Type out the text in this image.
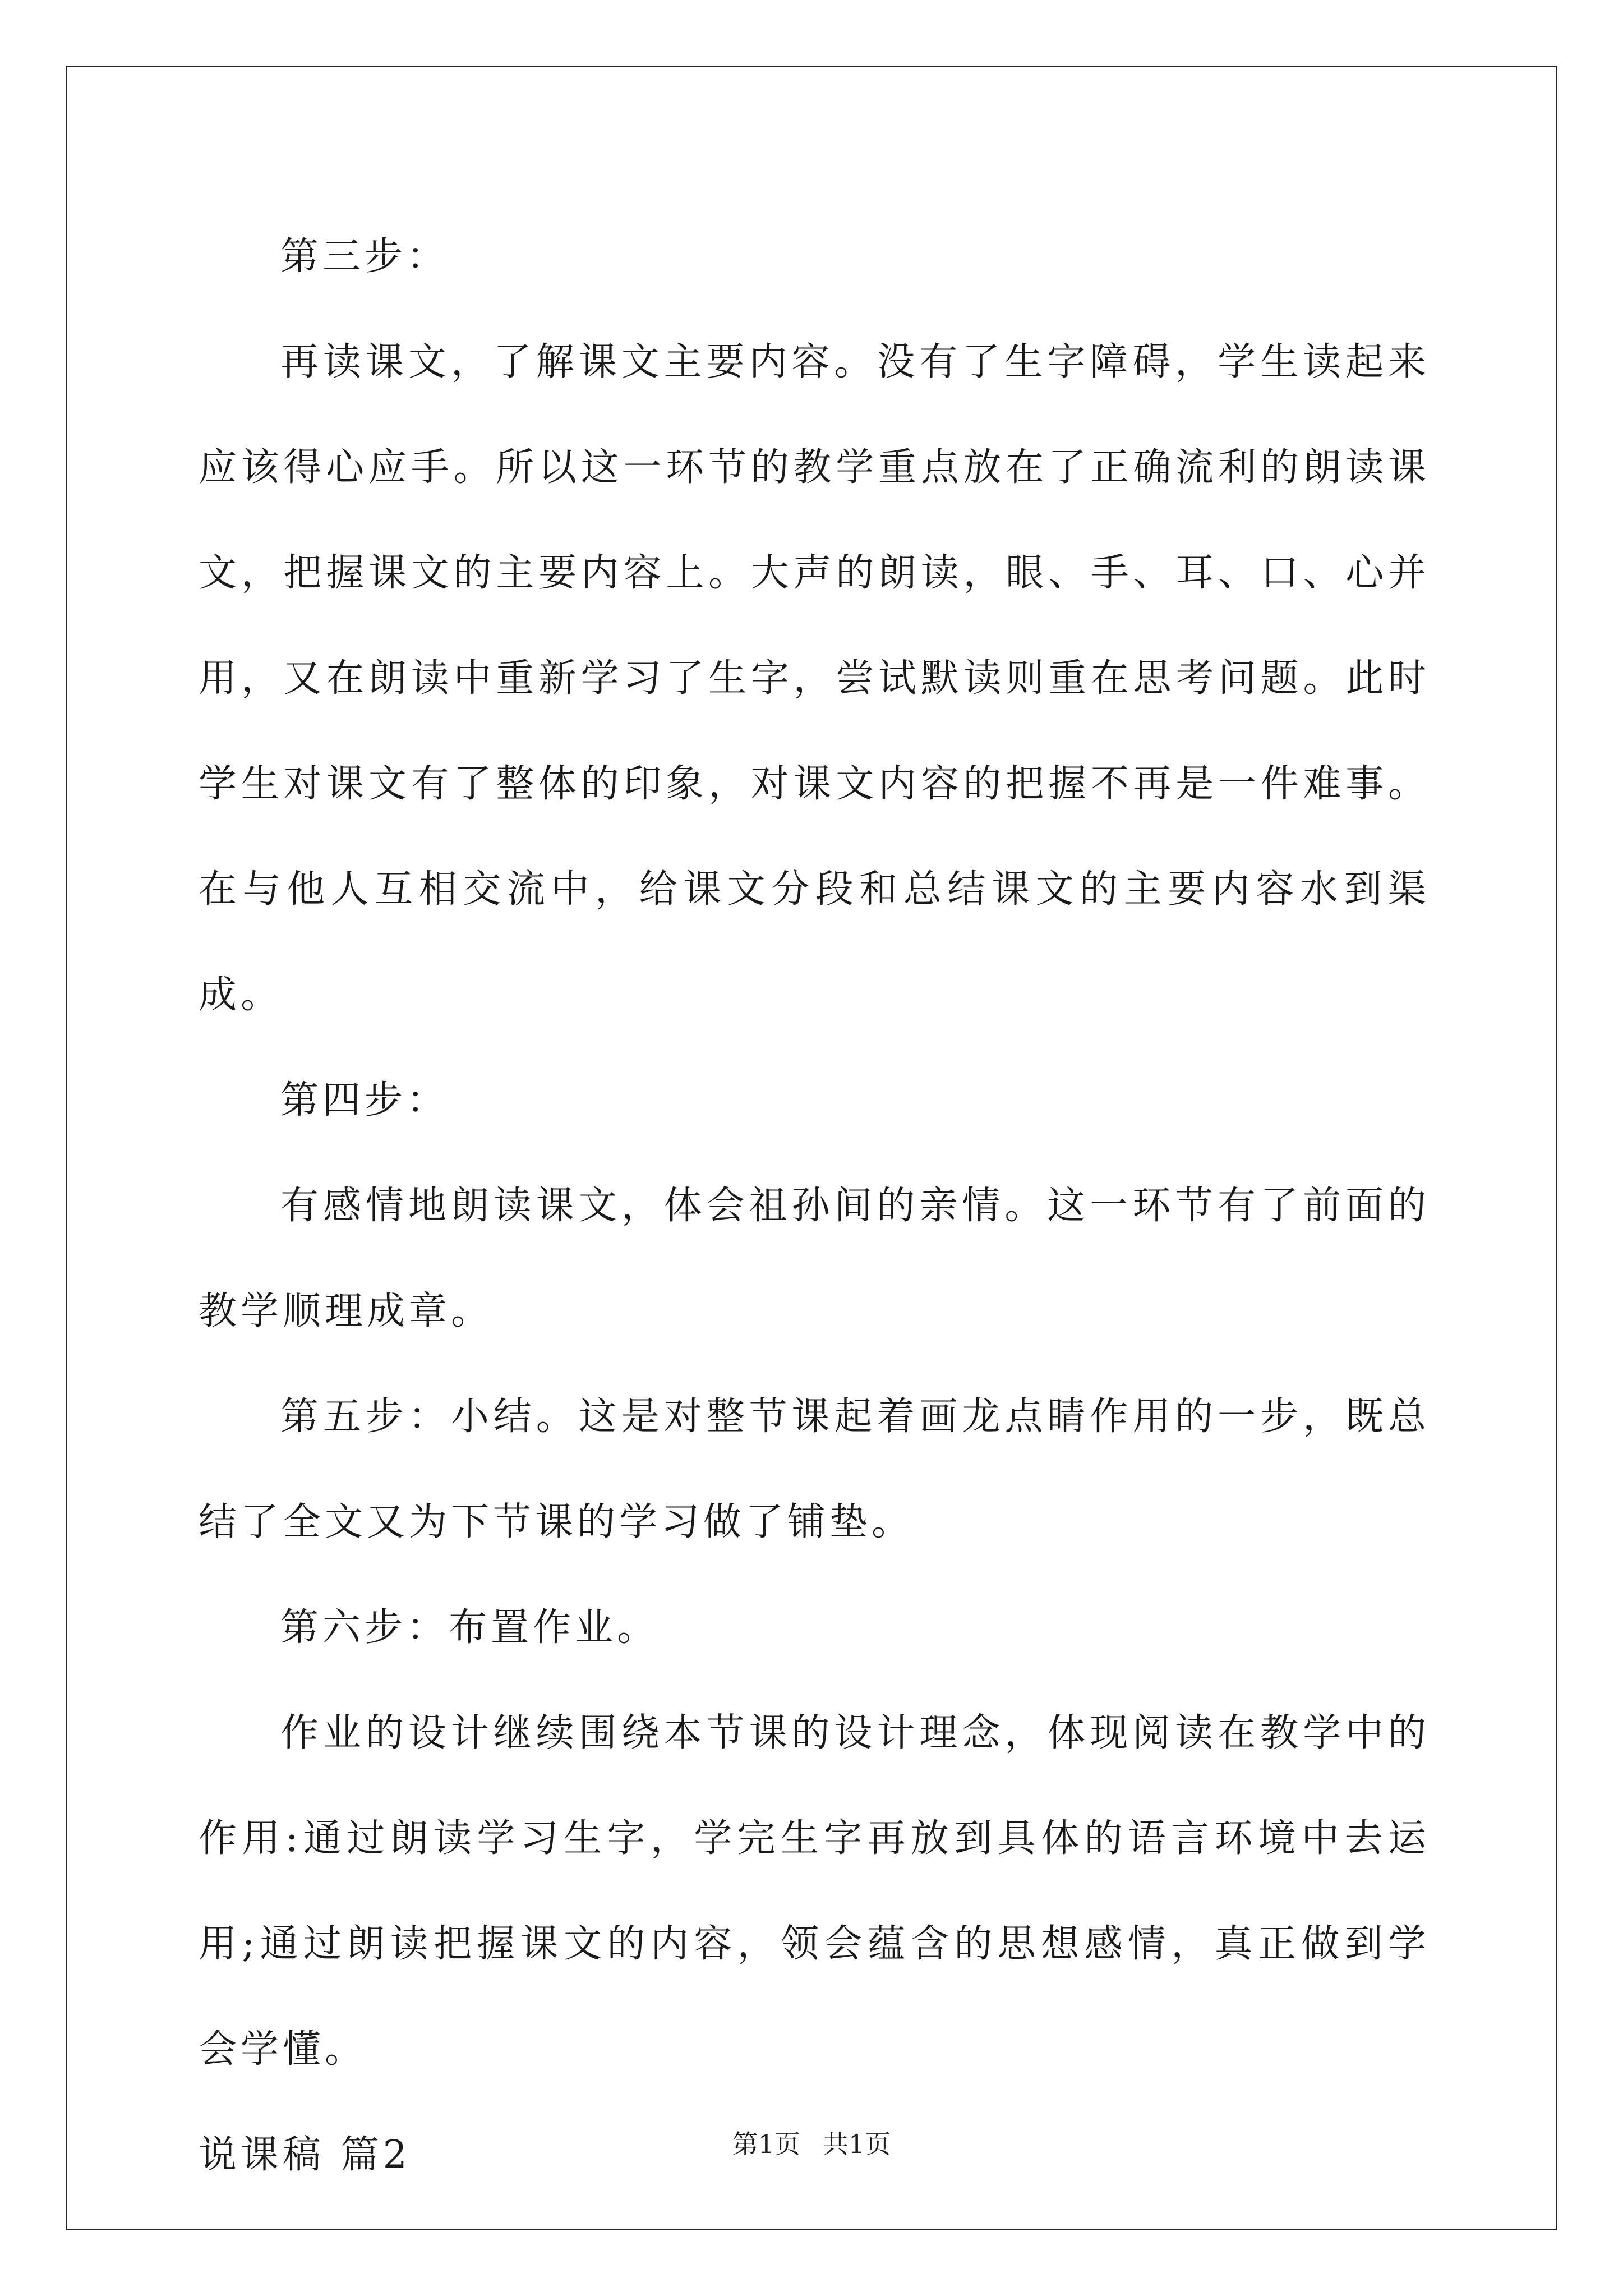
第三步：

再读课文，了解课文主要内容。没有了生字障碍，学生读起来应该得心应手。所以这一环节的教学重点放在了正确流利的朗读课文，把握课文的主要内容上。大声的朗读，眼、手、耳、口、心并用，又在朗读中重新学习了生字，尝试默读则重在思考问题。此时学生对课文有了整体的印象，对课文内容的把握不再是一件难事。在与他人互相交流中，给课文分段和总结课文的主要内容水到渠成。

第四步：

有感情地朗读课文，体会祖孙间的亲情。这一环节有了前面的教学顺理成章。

第五步：小结。这是对整节课起着画龙点睛作用的一步，既总结了全文又为下节课的学习做了铺垫。

第六步：布置作业。

作业的设计继续围绕本节课的设计理念，体现阅读在教学中的作用:通过朗读学习生字，学完生字再放到具体的语言环境中去运用;通过朗读把握课文的内容，领会蕴含的思想感情，真正做到学会学懂。

说课稿 篇2	第1页 共1页
